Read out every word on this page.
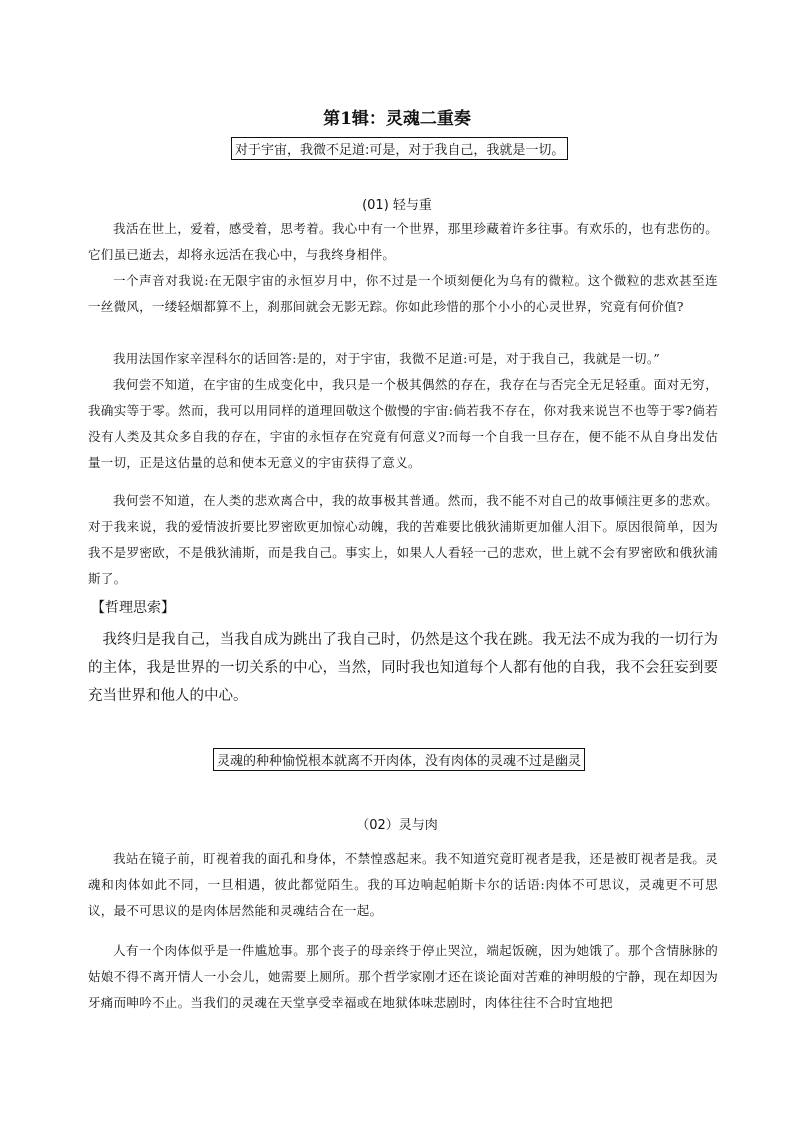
第1辑：灵魂二重奏
对于宇宙，我微不足道:可是，对于我自己，我就是一切。
(01) 轻与重

我活在世上，爱着，感受着，思考着。我心中有一个世界，那里珍藏着许多往事。有欢乐的，也有悲伤的。它们虽已逝去，却将永远活在我心中，与我终身相伴。

一个声音对我说:在无限宇宙的永恒岁月中，你不过是一个顷刻便化为乌有的微粒。这个微粒的悲欢甚至连一丝微风，一缕轻烟都算不上，刹那间就会无影无踪。你如此珍惜的那个小小的心灵世界，究竟有何价值?

我用法国作家辛涅科尔的话回答:是的，对于宇宙，我微不足道:可是，对于我自己，我就是一切。”

我何尝不知道，在宇宙的生成变化中，我只是一个极其偶然的存在，我存在与否完全无足轻重。面对无穷，我确实等于零。然而，我可以用同样的道理回敬这个傲慢的宇宙:倘若我不存在，你对我来说岂不也等于零?倘若没有人类及其众多自我的存在，宇宙的永恒存在究竟有何意义?而每一个自我一旦存在，便不能不从自身出发估量一切，正是这估量的总和使本无意义的宇宙获得了意义。

我何尝不知道，在人类的悲欢离合中，我的故事极其普通。然而，我不能不对自己的故事倾注更多的悲欢。对于我来说，我的爱情波折要比罗密欧更加惊心动魄，我的苦难要比俄狄浦斯更加催人泪下。原因很简单，因为我不是罗密欧，不是俄狄浦斯，而是我自己。事实上，如果人人看轻一己的悲欢，世上就不会有罗密欧和俄狄浦斯了。

【哲理思索】

我终归是我自己，当我自成为跳出了我自己时，仍然是这个我在跳。我无法不成为我的一切行为的主体，我是世界的一切关系的中心，当然，同时我也知道每个人都有他的自我，我不会狂妄到要充当世界和他人的中心。

灵魂的种种愉悦根本就离不开肉体，没有肉体的灵魂不过是幽灵
（02）灵与肉

我站在镜子前，盯视着我的面孔和身体，不禁惶惑起来。我不知道究竟盯视者是我，还是被盯视者是我。灵魂和肉体如此不同，一旦相遇，彼此都觉陌生。我的耳边响起帕斯卡尔的话语:肉体不可思议，灵魂更不可思议，最不可思议的是肉体居然能和灵魂结合在一起。

人有一个肉体似乎是一件尴尬事。那个丧子的母亲终于停止哭泣，端起饭碗，因为她饿了。那个含情脉脉的姑娘不得不离开情人一小会儿，她需要上厕所。那个哲学家刚才还在谈论面对苦难的神明般的宁静，现在却因为牙痛而呻吟不止。当我们的灵魂在天堂享受幸福或在地狱体味悲剧时，肉体往往不合时宜地把
